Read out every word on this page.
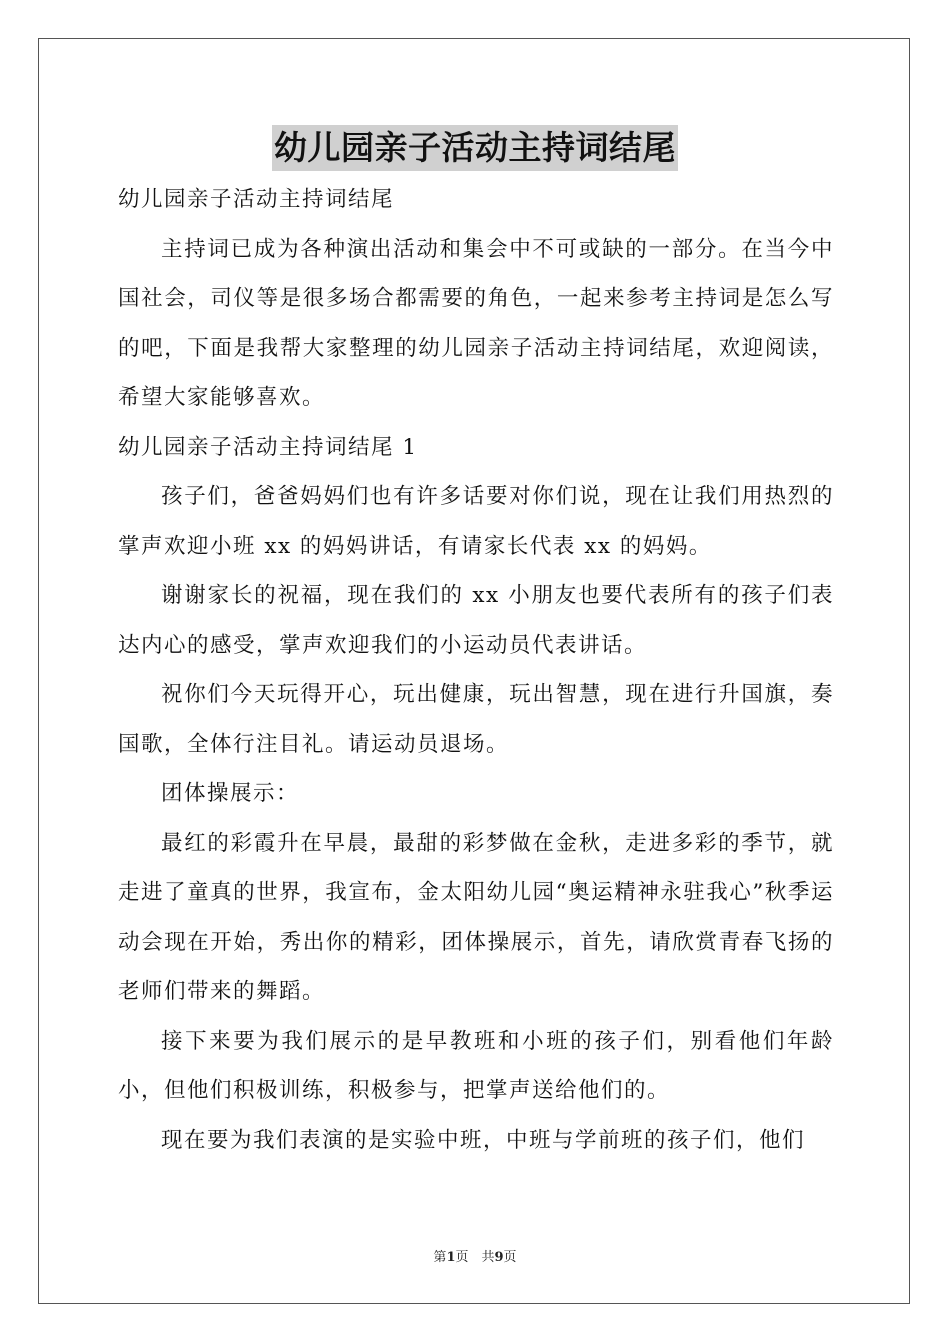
幼儿园亲子活动主持词结尾

幼儿园亲子活动主持词结尾

主持词已成为各种演出活动和集会中不可或缺的一部分。在当今中国社会，司仪等是很多场合都需要的角色，一起来参考主持词是怎么写的吧，下面是我帮大家整理的幼儿园亲子活动主持词结尾，欢迎阅读，希望大家能够喜欢。

幼儿园亲子活动主持词结尾 1

孩子们，爸爸妈妈们也有许多话要对你们说，现在让我们用热烈的掌声欢迎小班 xx 的妈妈讲话，有请家长代表 xx 的妈妈。

谢谢家长的祝福，现在我们的 xx 小朋友也要代表所有的孩子们表达内心的感受，掌声欢迎我们的小运动员代表讲话。

祝你们今天玩得开心，玩出健康，玩出智慧，现在进行升国旗，奏国歌，全体行注目礼。请运动员退场。

团体操展示：

最红的彩霞升在早晨，最甜的彩梦做在金秋，走进多彩的季节，就走进了童真的世界，我宣布，金太阳幼儿园“奥运精神永驻我心”秋季运动会现在开始，秀出你的精彩，团体操展示，首先，请欣赏青春飞扬的老师们带来的舞蹈。

接下来要为我们展示的是早教班和小班的孩子们，别看他们年龄小，但他们积极训练，积极参与，把掌声送给他们的。

现在要为我们表演的是实验中班，中班与学前班的孩子们，他们

第1页　共9页
